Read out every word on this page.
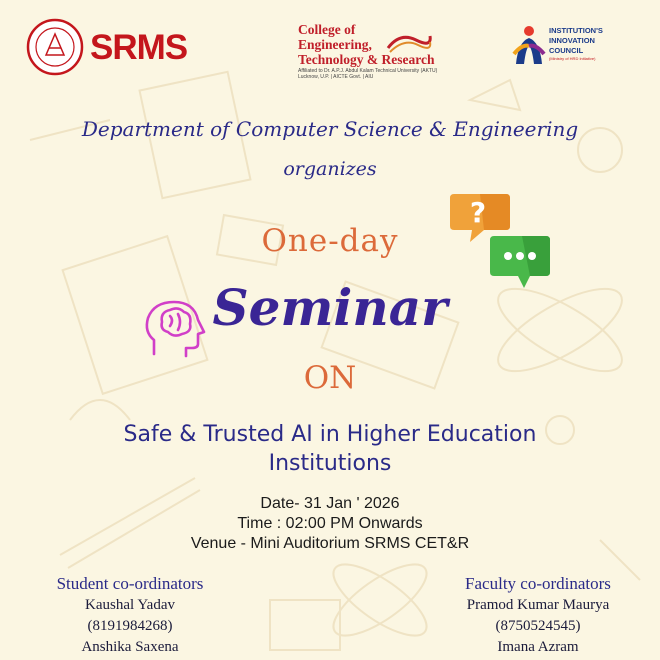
SRMS	College of
Engineering,
Technology & Research
Affiliated to Dr. A.P.J. Abdul Kalam Technical University (AKTU) Lucknow, U.P. | AICTE Govt. | AIU
INSTITUTION'S
INNOVATION
COUNCIL
(Ministry of HRD Initiative)
Department of Computer Science & Engineering
organizes
One-day
Seminar
ON
Safe & Trusted AI in Higher Education
Institutions
Date- 31 Jan ' 2026
Time : 02:00 PM Onwards
Venue - Mini Auditorium SRMS CET&R
Student co-ordinators
Kaushal Yadav
(8191984268)
Anshika Saxena
Faculty co-ordinators
Pramod Kumar Maurya
(8750524545)
Imana Azram
?
